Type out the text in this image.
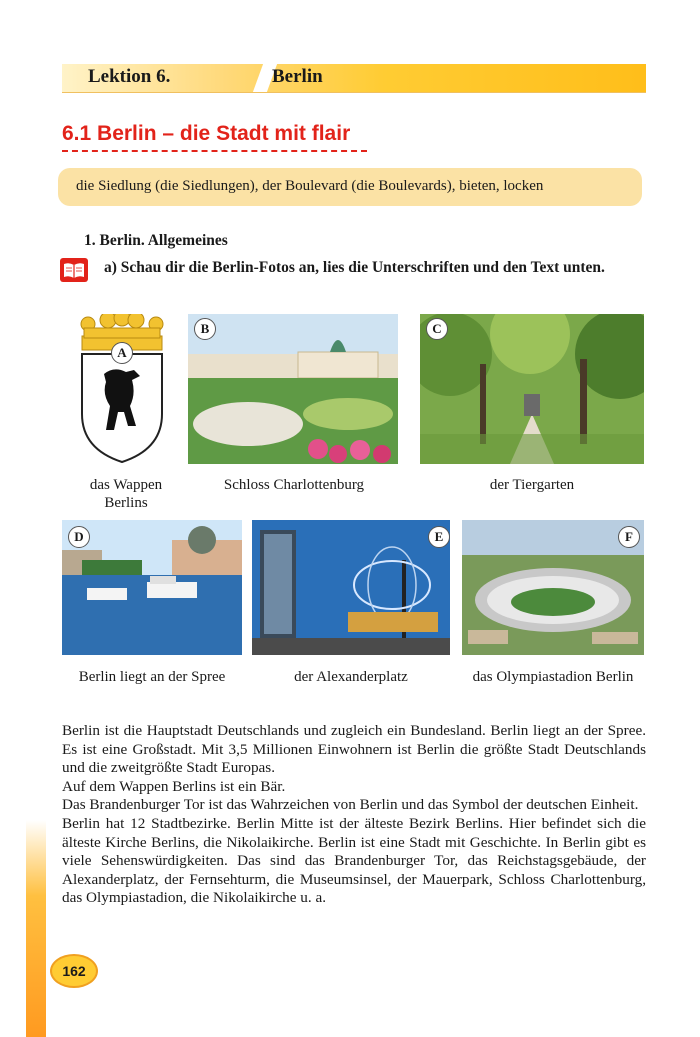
Lektion 6.	Berlin
6.1 Berlin – die Stadt mit flair
die Siedlung (die Siedlungen), der Boulevard (die Boulevards), bieten, locken
1. Berlin. Allgemeines
a) Schau dir die Berlin-Fotos an, lies die Unterschriften und den Text unten.
A
B	C
das Wappen Berlins
Schloss Charlottenburg	der Tiergarten
D	E	F
Berlin liegt an der Spree	der Alexanderplatz	das Olympiastadion Berlin

Berlin ist die Hauptstadt Deutschlands und zugleich ein Bundesland. Berlin liegt an der Spree. Es ist eine Großstadt. Mit 3,5 Millionen Einwohnern ist Berlin die größte Stadt Deutschlands und die zweitgrößte Stadt Europas.

Auf dem Wappen Berlins ist ein Bär.

Das Brandenburger Tor ist das Wahrzeichen von Berlin und das Symbol der deutschen Einheit.

Berlin hat 12 Stadtbezirke. Berlin Mitte ist der älteste Bezirk Berlins. Hier befindet sich die älteste Kirche Berlins, die Nikolaikirche. Berlin ist eine Stadt mit Geschichte. In Berlin gibt es viele Sehenswürdigkeiten. Das sind das Brandenburger Tor, das Reichstagsgebäude, der Alexanderplatz, der Fernsehturm, die Museumsinsel, der Mauerpark, Schloss Charlottenburg, das Olympiastadion, die Nikolaikirche u. a.

162
